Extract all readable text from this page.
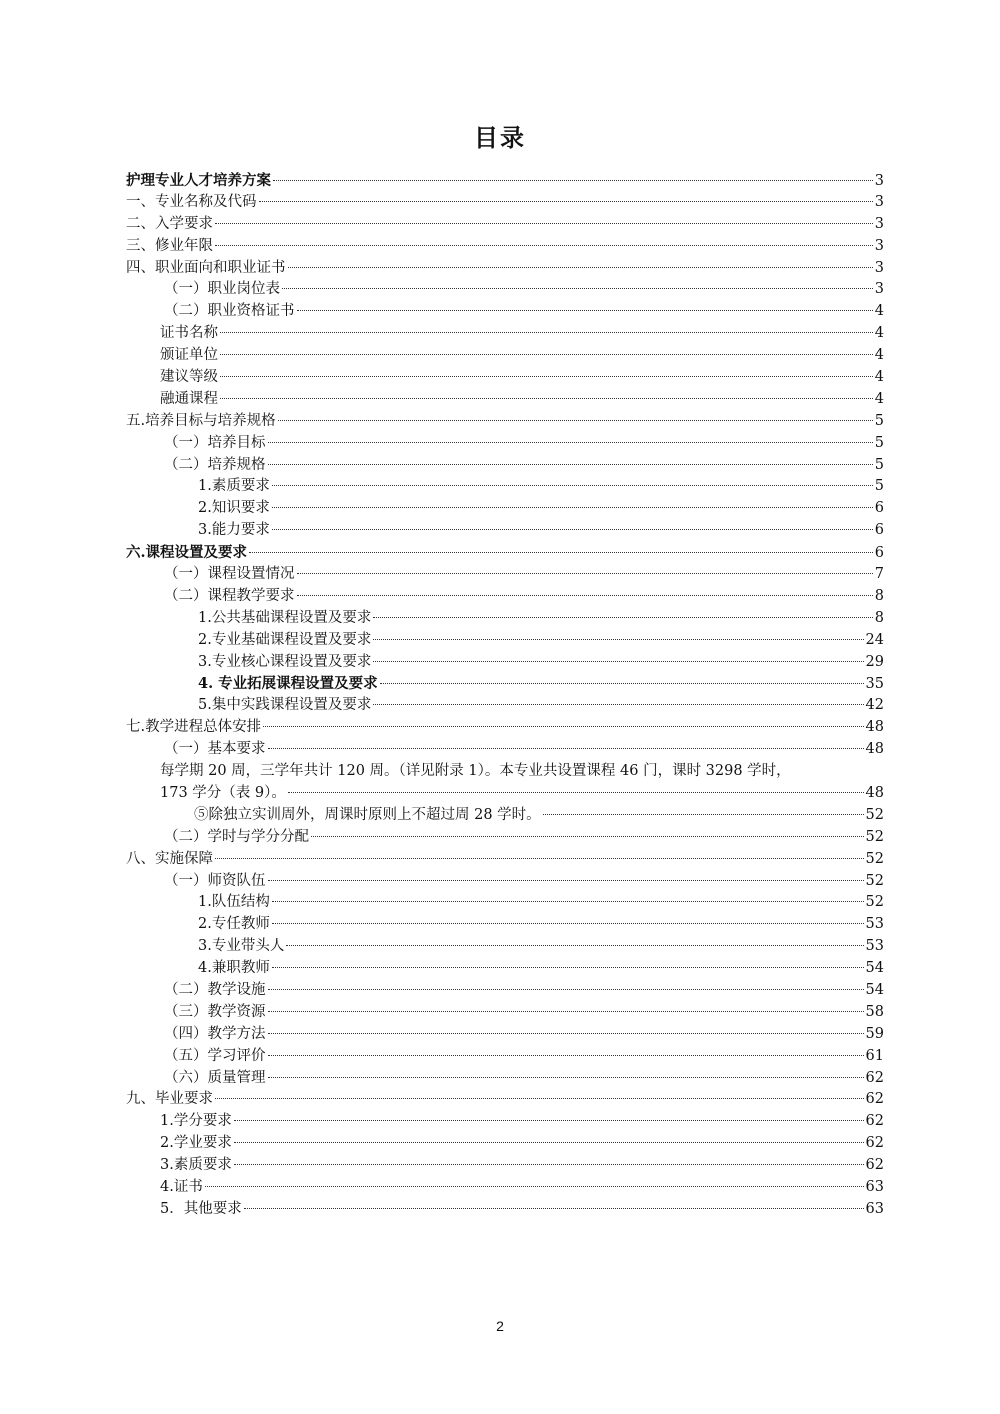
目录
护理专业人才培养方案	3
一、专业名称及代码	3
二、入学要求	3
三、修业年限	3
四、职业面向和职业证书	3
（一）职业岗位表	3
（二）职业资格证书	4
证书名称	4
颁证单位	4
建议等级	4
融通课程	4
五.培养目标与培养规格	5
（一）培养目标	5
（二）培养规格	5
1.素质要求	5
2.知识要求	6
3.能力要求	6
六.课程设置及要求	6
（一）课程设置情况	7
（二）课程教学要求	8
1.公共基础课程设置及要求	8
2.专业基础课程设置及要求	24
3.专业核心课程设置及要求	29
4. 专业拓展课程设置及要求	35
5.集中实践课程设置及要求	42
七.教学进程总体安排	48
（一）基本要求	48
每学期 20 周，三学年共计 120 周。（详见附录 1）。本专业共设置课程 46 门，课时 3298 学时，
173 学分（表 9）。	48
⑤除独立实训周外，周课时原则上不超过周 28 学时。	52
（二）学时与学分分配	52
八、实施保障	52
（一）师资队伍	52
1.队伍结构	52
2.专任教师	53
3.专业带头人	53
4.兼职教师	54
（二）教学设施	54
（三）教学资源	58
（四）教学方法	59
（五）学习评价	61
（六）质量管理	62
九、毕业要求	62
1.学分要求	62
2.学业要求	62
3.素质要求	62
4.证书	63
5．其他要求	63
2
